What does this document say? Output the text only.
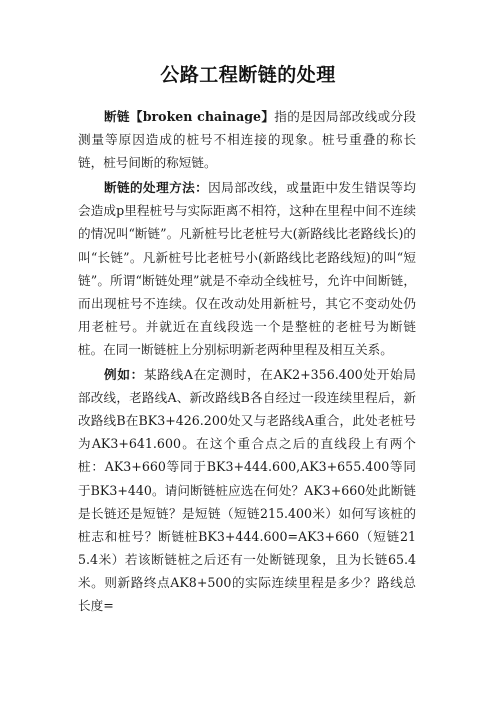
公路工程断链的处理

断链【broken chainage】指的是因局部改线或分段测量等原因造成的桩号不相连接的现象。桩号重叠的称长链，桩号间断的称短链。

断链的处理方法：因局部改线，或量距中发生错误等均会造成p里程桩号与实际距离不相符，这种在里程中间不连续的情况叫“断链”。凡新桩号比老桩号大(新路线比老路线长)的叫“长链”。凡新桩号比老桩号小(新路线比老路线短)的叫“短链”。所谓“断链处理”就是不牵动全线桩号，允许中间断链，而出现桩号不连续。仅在改动处用新桩号，其它不变动处仍用老桩号。并就近在直线段选一个是整桩的老桩号为断链桩。在同一断链桩上分别标明新老两种里程及相互关系。

例如：某路线A在定测时，在AK2+356.400处开始局部改线，老路线A、新改路线B各自经过一段连续里程后，新改路线B在BK3+426.200处又与老路线A重合，此处老桩号为AK3+641.600。在这个重合点之后的直线段上有两个桩：AK3+660等同于BK3+444.600,AK3+655.400等同于BK3+440。请问断链桩应选在何处？AK3+660处此断链是长链还是短链？是短链（短链215.400米）如何写该桩的桩志和桩号？断链桩BK3+444.600=AK3+660（短链215.4米）若该断链桩之后还有一处断链现象，且为长链65.4米。则新路终点AK8+500的实际连续里程是多少？路线总长度=
